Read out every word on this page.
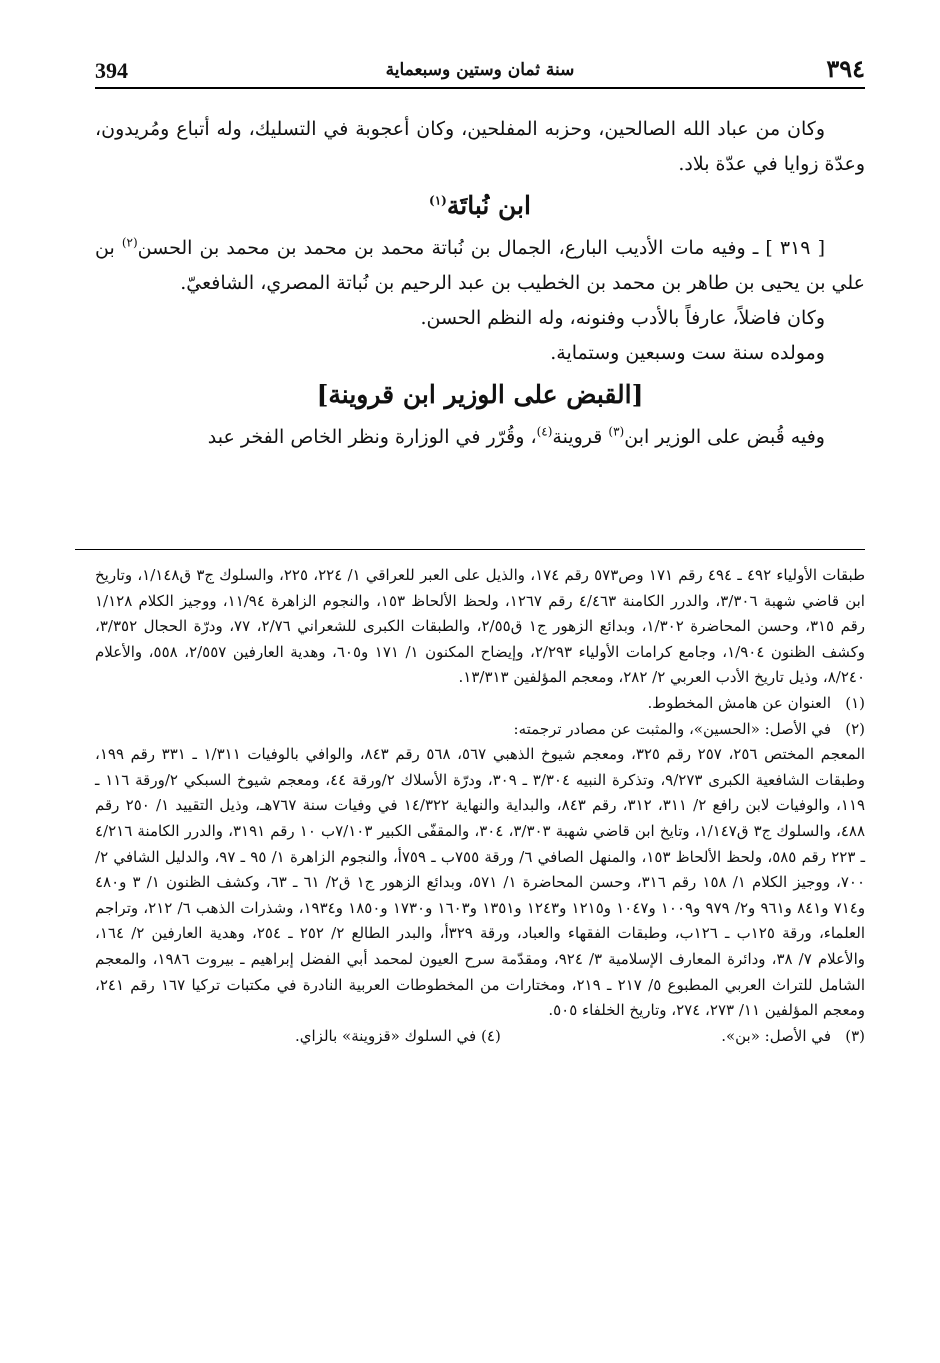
394	سنة ثمان وستين وسبعماية	٣٩٤

وكان من عباد الله الصالحين، وحزبه المفلحين، وكان أعجوبة في التسليك، وله أتباع ومُريدون، وعدّة زوايا في عدّة بلاد.

ابن نُباتَة$^{(١)}$

[ ٣١٩ ] ـ وفيه مات الأديب البارع، الجمال بن نُباتة محمد بن محمد بن محمد بن الحسن$^{(٢)}$ بن علي بن يحيى بن طاهر بن محمد بن الخطيب بن عبد الرحيم بن نُباتة المصري، الشافعيّ.

وكان فاضلاً، عارفاً بالأدب وفنونه، وله النظم الحسن.

ومولده سنة ست وسبعين وستماية.

[القبض على الوزير ابن قروينة]

وفيه قُبض على الوزير ابن$^{(٣)}$ قروينة$^{(٤)}$، وقُرّر في الوزارة ونظر الخاص الفخر عبد

طبقات الأولياء ٤٩٢ ـ ٤٩٤ رقم ١٧١ وص٥٧٣ رقم ١٧٤، والذيل على العبر للعراقي ١/ ٢٢٤، ٢٢٥، والسلوك ج٣ ق١/١٤٨، وتاريخ ابن قاضي شهبة ٣/٣٠٦، والدرر الكامنة ٤/٤٦٣ رقم ١٢٦٧، ولحظ الألحاظ ١٥٣، والنجوم الزاهرة ١١/٩٤، ووجيز الكلام ١/١٢٨ رقم ٣١٥، وحسن المحاضرة ١/٣٠٢، وبدائع الزهور ج١ ق٢/٥٥، والطبقات الكبرى للشعراني ٢/٧٦، ٧٧، ودرّة الحجال ٣/٣٥٢، وكشف الظنون ١/٩٠٤، وجامع كرامات الأولياء ٢/٢٩٣، وإيضاح المكنون ١/ ١٧١ و٦٠٥، وهدية العارفين ٢/٥٥٧، ٥٥٨، والأعلام ٨/٢٤٠، وذيل تاريخ الأدب العربي ٢/ ٢٨٢، ومعجم المؤلفين ١٣/٣١٣.

(١)العنوان عن هامش المخطوط.

(٢)في الأصل: «الحسين»، والمثبت عن مصادر ترجمته:

المعجم المختص ٢٥٦، ٢٥٧ رقم ٣٢٥، ومعجم شيوخ الذهبي ٥٦٧، ٥٦٨ رقم ٨٤٣، والوافي بالوفيات ١/٣١١ ـ ٣٣١ رقم ١٩٩، وطبقات الشافعية الكبرى ٩/٢٧٣، وتذكرة النبيه ٣/٣٠٤ ـ ٣٠٩، ودرّة الأسلاك ٢/ورقة ٤٤، ومعجم شيوخ السبكي ٢/ورقة ١١٦ ـ ١١٩، والوفيات لابن رافع ٢/ ٣١١، ٣١٢، رقم ٨٤٣، والبداية والنهاية ١٤/٣٢٢ في وفيات سنة ٧٦٧هـ، وذيل التقييد ١/ ٢٥٠ رقم ٤٨٨، والسلوك ج٣ ق١/١٤٧، وتايخ ابن قاضي شهبة ٣/٣٠٣، ٣٠٤، والمقفّى الكبير ٧/١٠٣ب ١٠ رقم ٣١٩١، والدرر الكامنة ٤/٢١٦ ـ ٢٢٣ رقم ٥٨٥، ولحظ الألحاظ ١٥٣، والمنهل الصافي ٦/ ورقة ٧٥٥ب ـ ٧٥٩أ، والنجوم الزاهرة ١/ ٩٥ ـ ٩٧، والدليل الشافي ٢/ ٧٠٠، ووجيز الكلام ١/ ١٥٨ رقم ٣١٦، وحسن المحاضرة ١/ ٥٧١، وبدائع الزهور ج١ ق٢/ ٦١ ـ ٦٣، وكشف الظنون ١/ ٣ و٤٨٠ و٧١٤ و٨٤١ و٩٦١ و٢/ ٩٧٩ و١٠٠٩ و١٠٤٧ و١٢١٥ و١٢٤٣ و١٣٥١ و١٦٠٣ و١٧٣٠ و١٨٥٠ و١٩٣٤، وشذرات الذهب ٦/ ٢١٢، وتراجم العلماء، ورقة ١٢٥ب ـ ١٢٦ب، وطبقات الفقهاء والعباد، ورقة ٣٢٩أ، والبدر الطالع ٢/ ٢٥٢ ـ ٢٥٤، وهدية العارفين ٢/ ١٦٤، والأعلام ٧/ ٣٨، ودائرة المعارف الإسلامية ٣/ ٩٢٤، ومقدّمة سرح العيون لمحمد أبي الفضل إبراهيم ـ بيروت ١٩٨٦، والمعجم الشامل للتراث العربي المطبوع ٥/ ٢١٧ ـ ٢١٩، ومختارات من المخطوطات العربية النادرة في مكتبات تركيا ١٦٧ رقم ٢٤١، ومعجم المؤلفين ١١/ ٢٧٣، ٢٧٤، وتاريخ الخلفاء ٥٠٥.

(٣)في الأصل: «بن».
(٤) في السلوك «قزوينة» بالزاي.
